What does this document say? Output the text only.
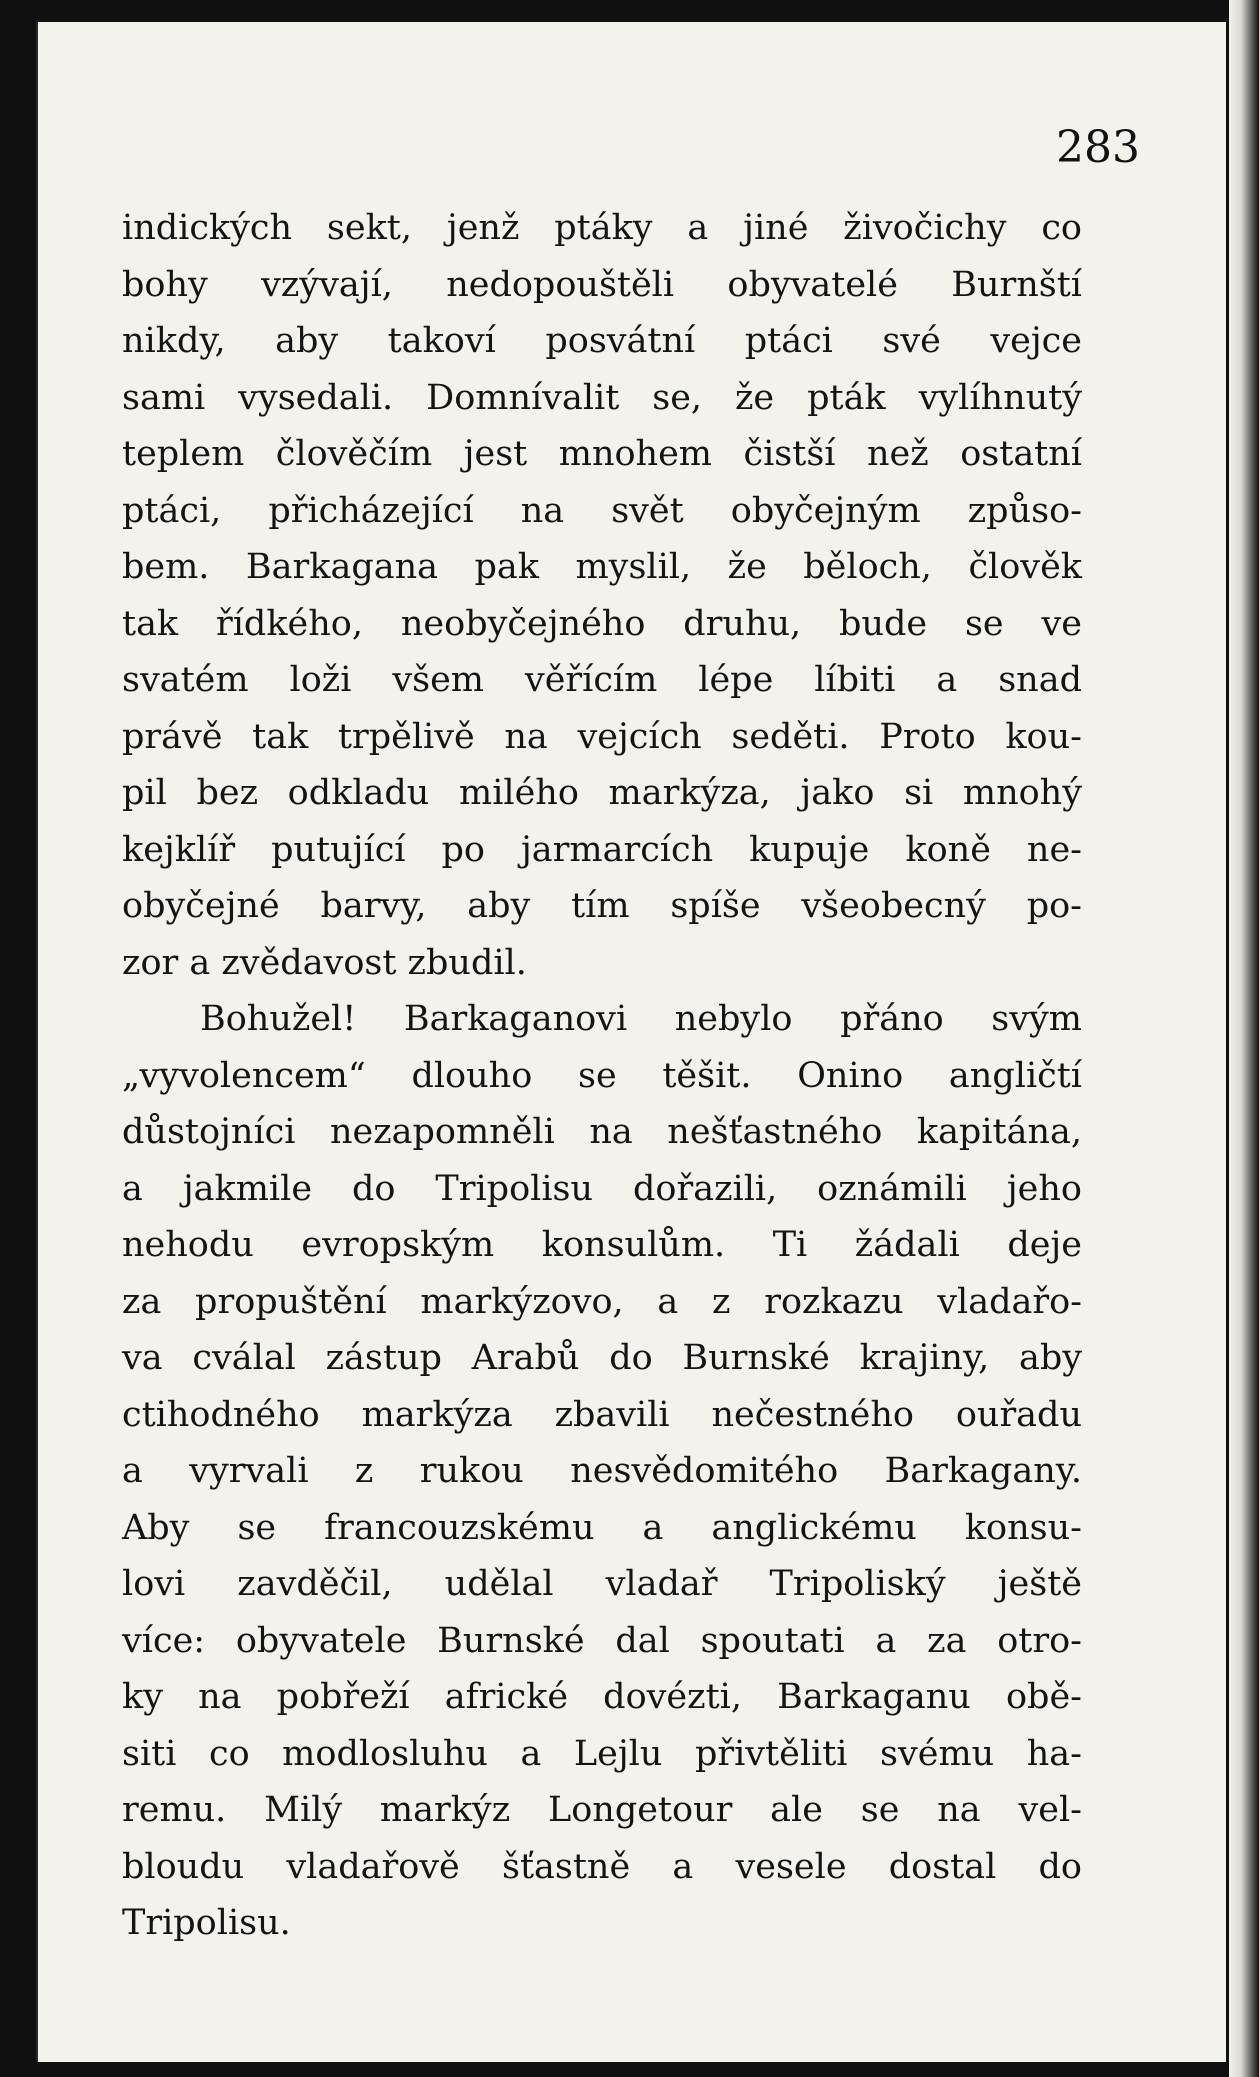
283

indických sekt, jenž ptáky a jiné živočichy co
bohy vzývají, nedopouštěli obyvatelé Burnští
nikdy, aby takoví posvátní ptáci své vejce
sami vysedali. Domnívalit se, že pták vylíhnutý
teplem člověčím jest mnohem čistší než ostatní
ptáci, přicházející na svět obyčejným způso-
bem. Barkagana pak myslil, že běloch, člověk
tak řídkého, neobyčejného druhu, bude se ve
svatém loži všem věřícím lépe líbiti a snad
právě tak trpělivě na vejcích seděti. Proto kou-
pil bez odkladu milého markýza, jako si mnohý
kejklíř putující po jarmarcích kupuje koně ne-
obyčejné barvy, aby tím spíše všeobecný po-
zor a zvědavost zbudil.
Bohužel! Barkaganovi nebylo přáno svým
„vyvolencem“ dlouho se těšit. Onino angličtí
důstojníci nezapomněli na nešťastného kapitána,
a jakmile do Tripolisu dořazili, oznámili jeho
nehodu evropským konsulům. Ti žádali deje
za propuštění markýzovo, a z rozkazu vladařo-
va cválal zástup Arabů do Burnské krajiny, aby
ctihodného markýza zbavili nečestného ouřadu
a vyrvali z rukou nesvědomitého Barkagany.
Aby se francouzskému a anglickému konsu-
lovi zavděčil, udělal vladař Tripoliský ještě
více: obyvatele Burnské dal spoutati a za otro-
ky na pobřeží africké dovézti, Barkaganu obě-
siti co modlosluhu a Lejlu přivtěliti svému ha-
remu. Milý markýz Longetour ale se na vel-
bloudu vladařově šťastně a vesele dostal do
Tripolisu.
